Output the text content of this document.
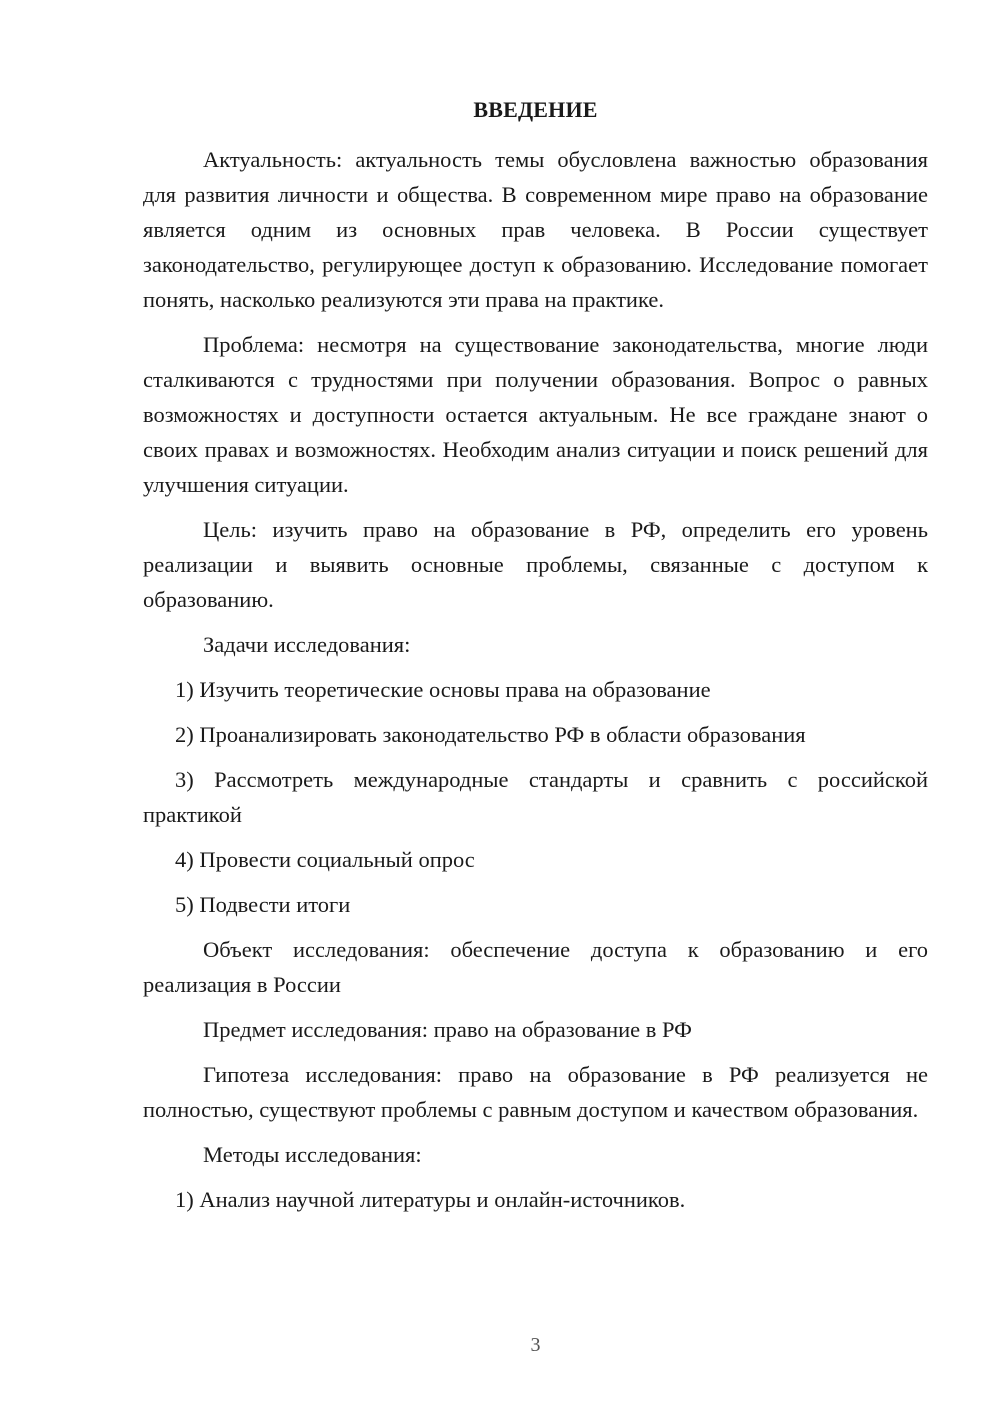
ВВЕДЕНИЕ

Актуальность: актуальность темы обусловлена важностью образования для развития личности и общества. В современном мире право на образование является одним из основных прав человека. В России существует законодательство, регулирующее доступ к образованию. Исследование помогает понять, насколько реализуются эти права на практике.

Проблема: несмотря на существование законодательства, многие люди сталкиваются с трудностями при получении образования. Вопрос о равных возможностях и доступности остается актуальным. Не все граждане знают о своих правах и возможностях. Необходим анализ ситуации и поиск решений для улучшения ситуации.

Цель: изучить право на образование в РФ, определить его уровень реализации и выявить основные проблемы, связанные с доступом к образованию.

Задачи исследования:

1) Изучить теоретические основы права на образование

2) Проанализировать законодательство РФ в области образования

3) Рассмотреть международные стандарты и сравнить с российской практикой

4) Провести социальный опрос

5) Подвести итоги

Объект исследования: обеспечение доступа к образованию и его реализация в России

Предмет исследования: право на образование в РФ

Гипотеза исследования: право на образование в РФ реализуется не полностью, существуют проблемы с равным доступом и качеством образования.

Методы исследования:

1) Анализ научной литературы и онлайн-источников.

3
